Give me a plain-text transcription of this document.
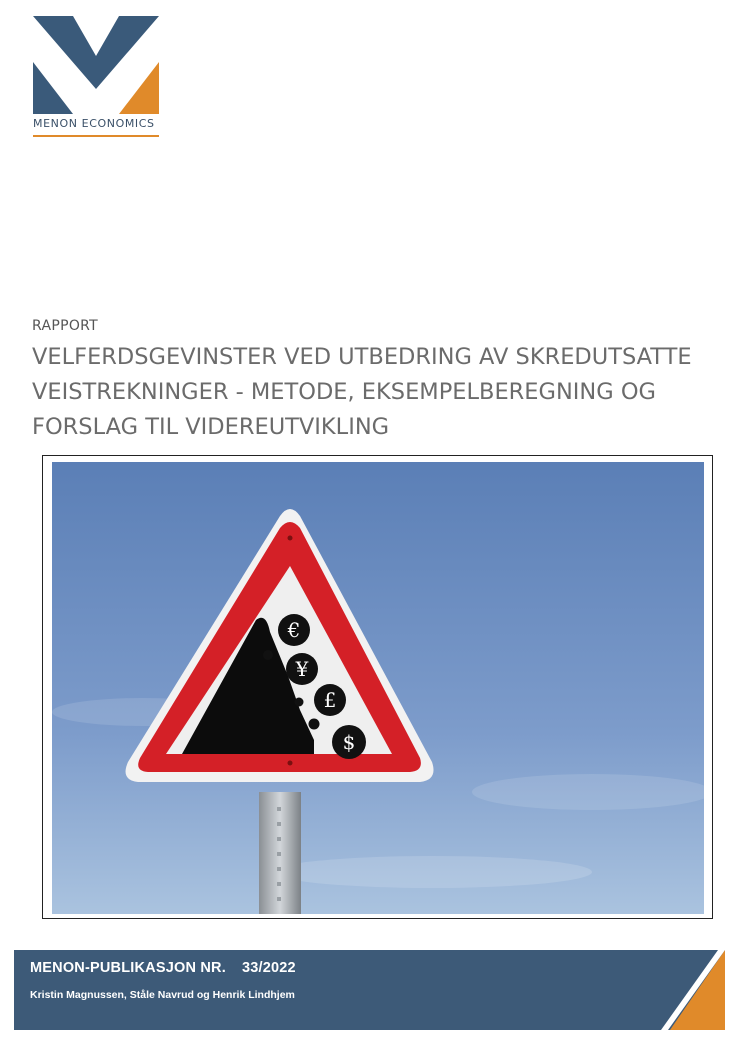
MENON ECONOMICS
RAPPORT
VELFERDSGEVINSTER VED UTBEDRING AV SKREDUTSATTE
VEISTREKNINGER - METODE, EKSEMPELBEREGNING OG
FORSLAG TIL VIDEREUTVIKLING
€
¥
£
$
MENON-PUBLIKASJON NR. 33/2022
Kristin Magnussen, Ståle Navrud og Henrik Lindhjem
